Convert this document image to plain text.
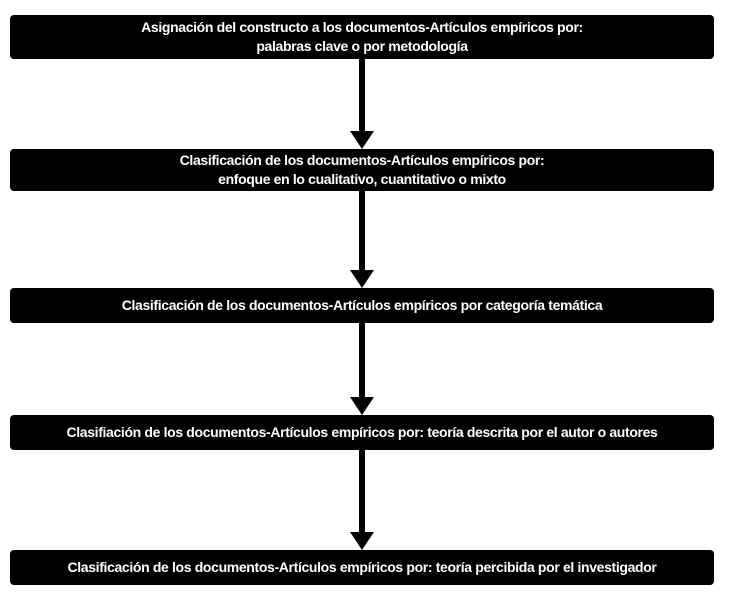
Asignación del constructo a los documentos-Artículos empíricos por:
palabras clave o por metodología
Clasificación de los documentos-Artículos empíricos por:
enfoque en lo cualitativo, cuantitativo o mixto
Clasificación de los documentos-Artículos empíricos por categoría temática
Clasifiación de los documentos-Artículos empíricos por: teoría descrita por el autor o autores
Clasificación de los documentos-Artículos empíricos por: teoría percibida por el investigador
